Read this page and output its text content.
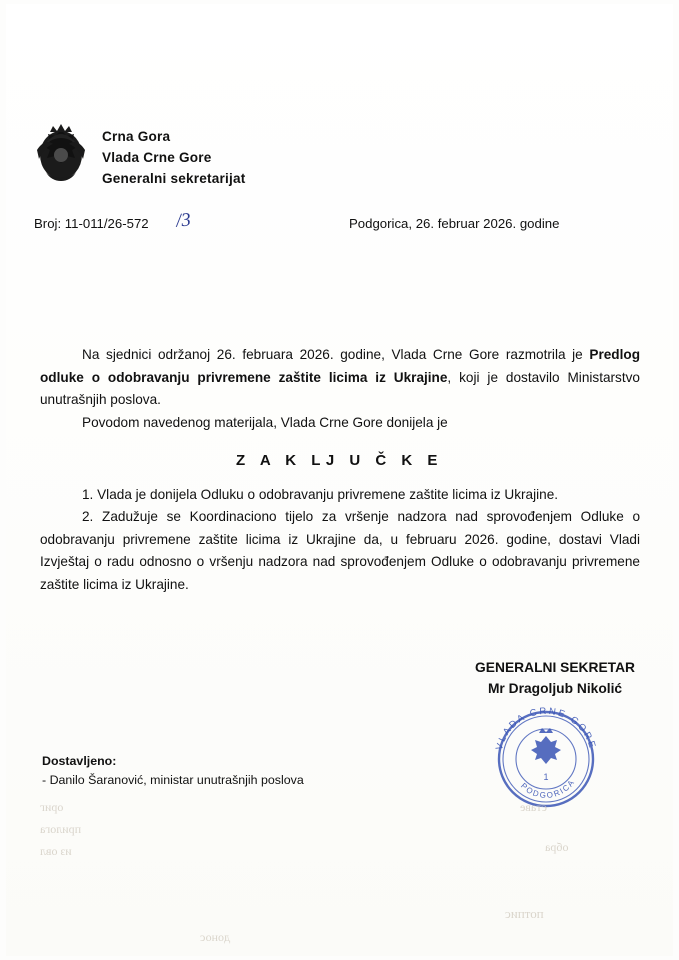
Crna Gora
Vlada Crne Gore
Generalni sekretarijat
Broj: 11-011/26-572 /3	Podgorica, 26. februar 2026. godine

Na sjednici održanoj 26. februara 2026. godine, Vlada Crne Gore razmotrila je Predlog odluke o odobravanju privremene zaštite licima iz Ukrajine, koji je dostavilo Ministarstvo unutrašnjih poslova.

Povodom navedenog materijala, Vlada Crne Gore donijela je

Z A K LJ U Č K E

1. Vlada je donijela Odluku o odobravanju privremene zaštite licima iz Ukrajine.

2. Zadužuje se Koordinaciono tijelo za vršenje nadzora nad sprovođenjem Odluke o odobravanju privremene zaštite licima iz Ukrajine da, u februaru 2026. godine, dostavi Vladi Izvještaj o radu odnosno o vršenju nadzora nad sprovođenjem Odluke o odobravanju privremene zaštite licima iz Ukrajine.

GENERALNI SEKRETAR
Mr Dragoljub Nikolić
VLADA CRNE GORE
PODGORICA
1
Dostavljeno:
- Danilo Šaranović, ministar unutrašnjih poslova
ориг
прилога
из овл
ставе
обра
потпис
донос
